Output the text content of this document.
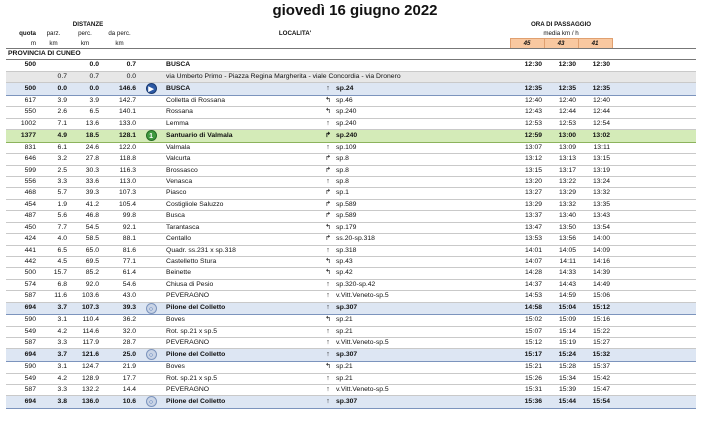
giovedì 16 giugno 2022
	DISTANZE								ORA DI PASSAGGIO			
quota	parz.	perc.	da perc.		LOCALITA'				media km / h			
m	km	km	km						45	43	41	
PROVINCIA DI CUNEO												
500		0.0	0.7		BUSCA				12:30	12:30	12:30	
	0.7	0.7	0.0		via Umberto Primo - Piazza Regina Margherita - viale Concordia - via Dronero							
500	0.0	0.0	146.6	▶	BUSCA	↑	sp.24		12:35	12:35	12:35	
617	3.9	3.9	142.7		Colletta di Rossana	↰	sp.46		12:40	12:40	12:40	
550	2.6	6.5	140.1		Rossana	↰	sp.240		12:43	12:44	12:44	
1002	7.1	13.6	133.0		Lemma	↑	sp.240		12:53	12:53	12:54	
1377	4.9	18.5	128.1	1	Santuario di Valmala	↱	sp.240		12:59	13:00	13:02	
831	6.1	24.6	122.0		Valmala	↑	sp.109		13:07	13:09	13:11	
646	3.2	27.8	118.8		Valcurta	↱	sp.8		13:12	13:13	13:15	
599	2.5	30.3	116.3		Brossasco	↱	sp.8		13:15	13:17	13:19	
556	3.3	33.6	113.0		Venasca	↑	sp.8		13:20	13:22	13:24	
468	5.7	39.3	107.3		Piasco	↱	sp.1		13:27	13:29	13:32	
454	1.9	41.2	105.4		Costigliole Saluzzo	↱	sp.589		13:29	13:32	13:35	
487	5.6	46.8	99.8		Busca	↱	sp.589		13:37	13:40	13:43	
450	7.7	54.5	92.1		Tarantasca	↰	sp.179		13:47	13:50	13:54	
424	4.0	58.5	88.1		Centallo	↱	ss.20-sp.318		13:53	13:56	14:00	
441	6.5	65.0	81.6		Quadr. ss.231 x sp.318	↑	sp.318		14:01	14:05	14:09	
442	4.5	69.5	77.1		Castelletto Stura	↰	sp.43		14:07	14:11	14:16	
500	15.7	85.2	61.4		Beinette	↰	sp.42		14:28	14:33	14:39	
574	6.8	92.0	54.6		Chiusa di Pesio	↑	sp.320-sp.42		14:37	14:43	14:49	
587	11.6	103.6	43.0		PEVERAGNO	↑	v.Vitt.Veneto-sp.5		14:53	14:59	15:06	
694	3.7	107.3	39.3	○	Pilone del Colletto	↑	sp.307		14:58	15:04	15:12	
590	3.1	110.4	36.2		Boves	↰	sp.21		15:02	15:09	15:16	
549	4.2	114.6	32.0		Rot. sp.21 x sp.5	↑	sp.21		15:07	15:14	15:22	
587	3.3	117.9	28.7		PEVERAGNO	↑	v.Vitt.Veneto-sp.5		15:12	15:19	15:27	
694	3.7	121.6	25.0	○	Pilone del Colletto	↑	sp.307		15:17	15:24	15:32	
590	3.1	124.7	21.9		Boves	↰	sp.21		15:21	15:28	15:37	
549	4.2	128.9	17.7		Rot. sp.21 x sp.5	↑	sp.21		15:26	15:34	15:42	
587	3.3	132.2	14.4		PEVERAGNO	↑	v.Vitt.Veneto-sp.5		15:31	15:39	15:47	
694	3.8	136.0	10.6	○	Pilone del Colletto	↑	sp.307		15:36	15:44	15:54	
